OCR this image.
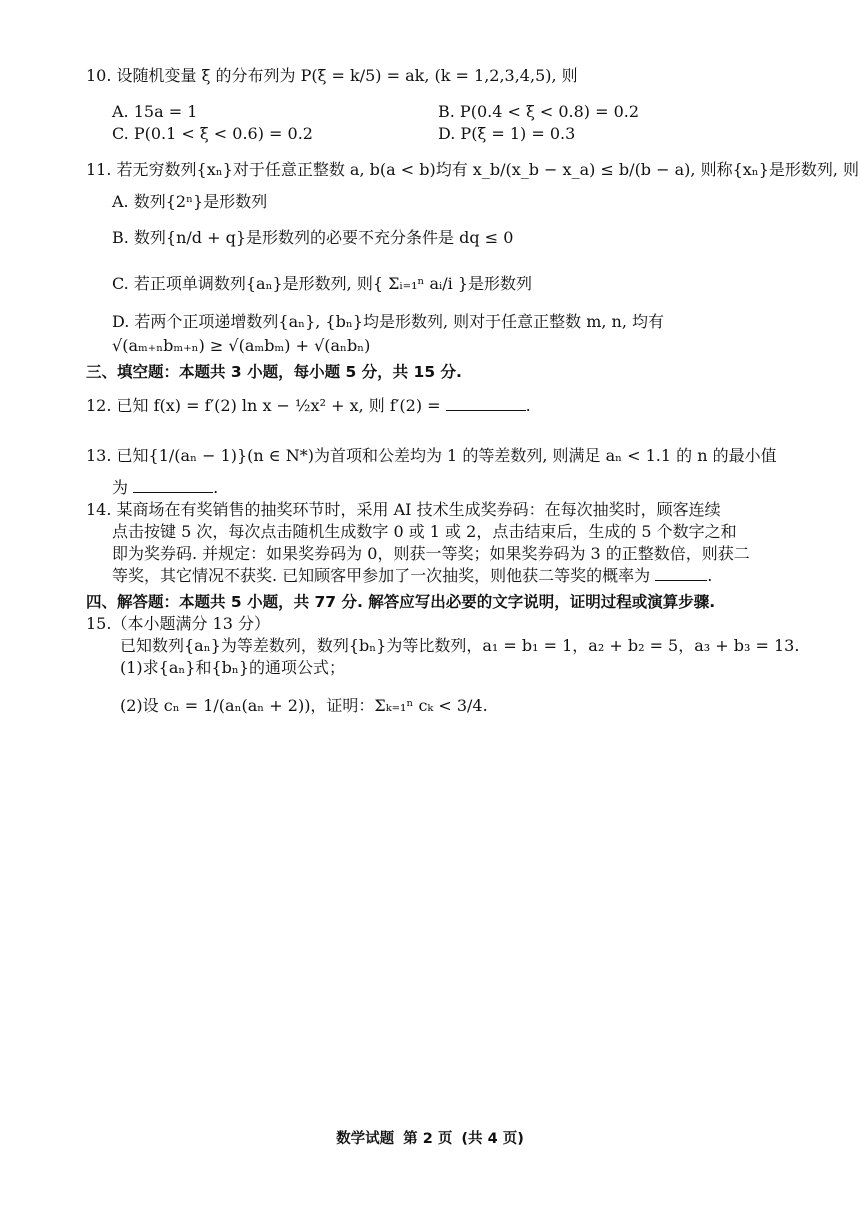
10. 设随机变量 ξ 的分布列为 P(ξ = k/5) = ak, (k = 1,2,3,4,5), 则
A. 15a = 1	B. P(0.4 < ξ < 0.8) = 0.2
C. P(0.1 < ξ < 0.6) = 0.2	D. P(ξ = 1) = 0.3
11. 若无穷数列{xₙ}对于任意正整数 a, b(a < b)均有 x_b/(x_b − x_a) ≤ b/(b − a), 则称{xₙ}是形数列, 则
A. 数列{2ⁿ}是形数列
B. 数列{n/d + q}是形数列的必要不充分条件是 dq ≤ 0
C. 若正项单调数列{aₙ}是形数列, 则{ Σᵢ₌₁ⁿ aᵢ/i }是形数列
D. 若两个正项递增数列{aₙ}, {bₙ}均是形数列, 则对于任意正整数 m, n, 均有
√(aₘ₊ₙbₘ₊ₙ) ≥ √(aₘbₘ) + √(aₙbₙ)
三、填空题：本题共 3 小题，每小题 5 分，共 15 分.
12. 已知 f(x) = f′(2) ln x − ½x² + x, 则 f′(2) =	.
13. 已知{1/(aₙ − 1)}(n ∈ N*)为首项和公差均为 1 的等差数列, 则满足 aₙ < 1.1 的 n 的最小值
为	.
14. 某商场在有奖销售的抽奖环节时，采用 AI 技术生成奖券码：在每次抽奖时，顾客连续
点击按键 5 次，每次点击随机生成数字 0 或 1 或 2，点击结束后，生成的 5 个数字之和
即为奖券码. 并规定：如果奖券码为 0，则获一等奖；如果奖券码为 3 的正整数倍，则获二
等奖，其它情况不获奖. 已知顾客甲参加了一次抽奖，则他获二等奖的概率为	.
四、解答题：本题共 5 小题，共 77 分. 解答应写出必要的文字说明，证明过程或演算步骤.
15.（本小题满分 13 分）
已知数列{aₙ}为等差数列，数列{bₙ}为等比数列，a₁ = b₁ = 1，a₂ + b₂ = 5，a₃ + b₃ = 13.
(1)求{aₙ}和{bₙ}的通项公式；
(2)设 cₙ = 1/(aₙ(aₙ + 2))，证明：Σₖ₌₁ⁿ cₖ < 3/4.
数学试题 第 2 页 (共 4 页)
